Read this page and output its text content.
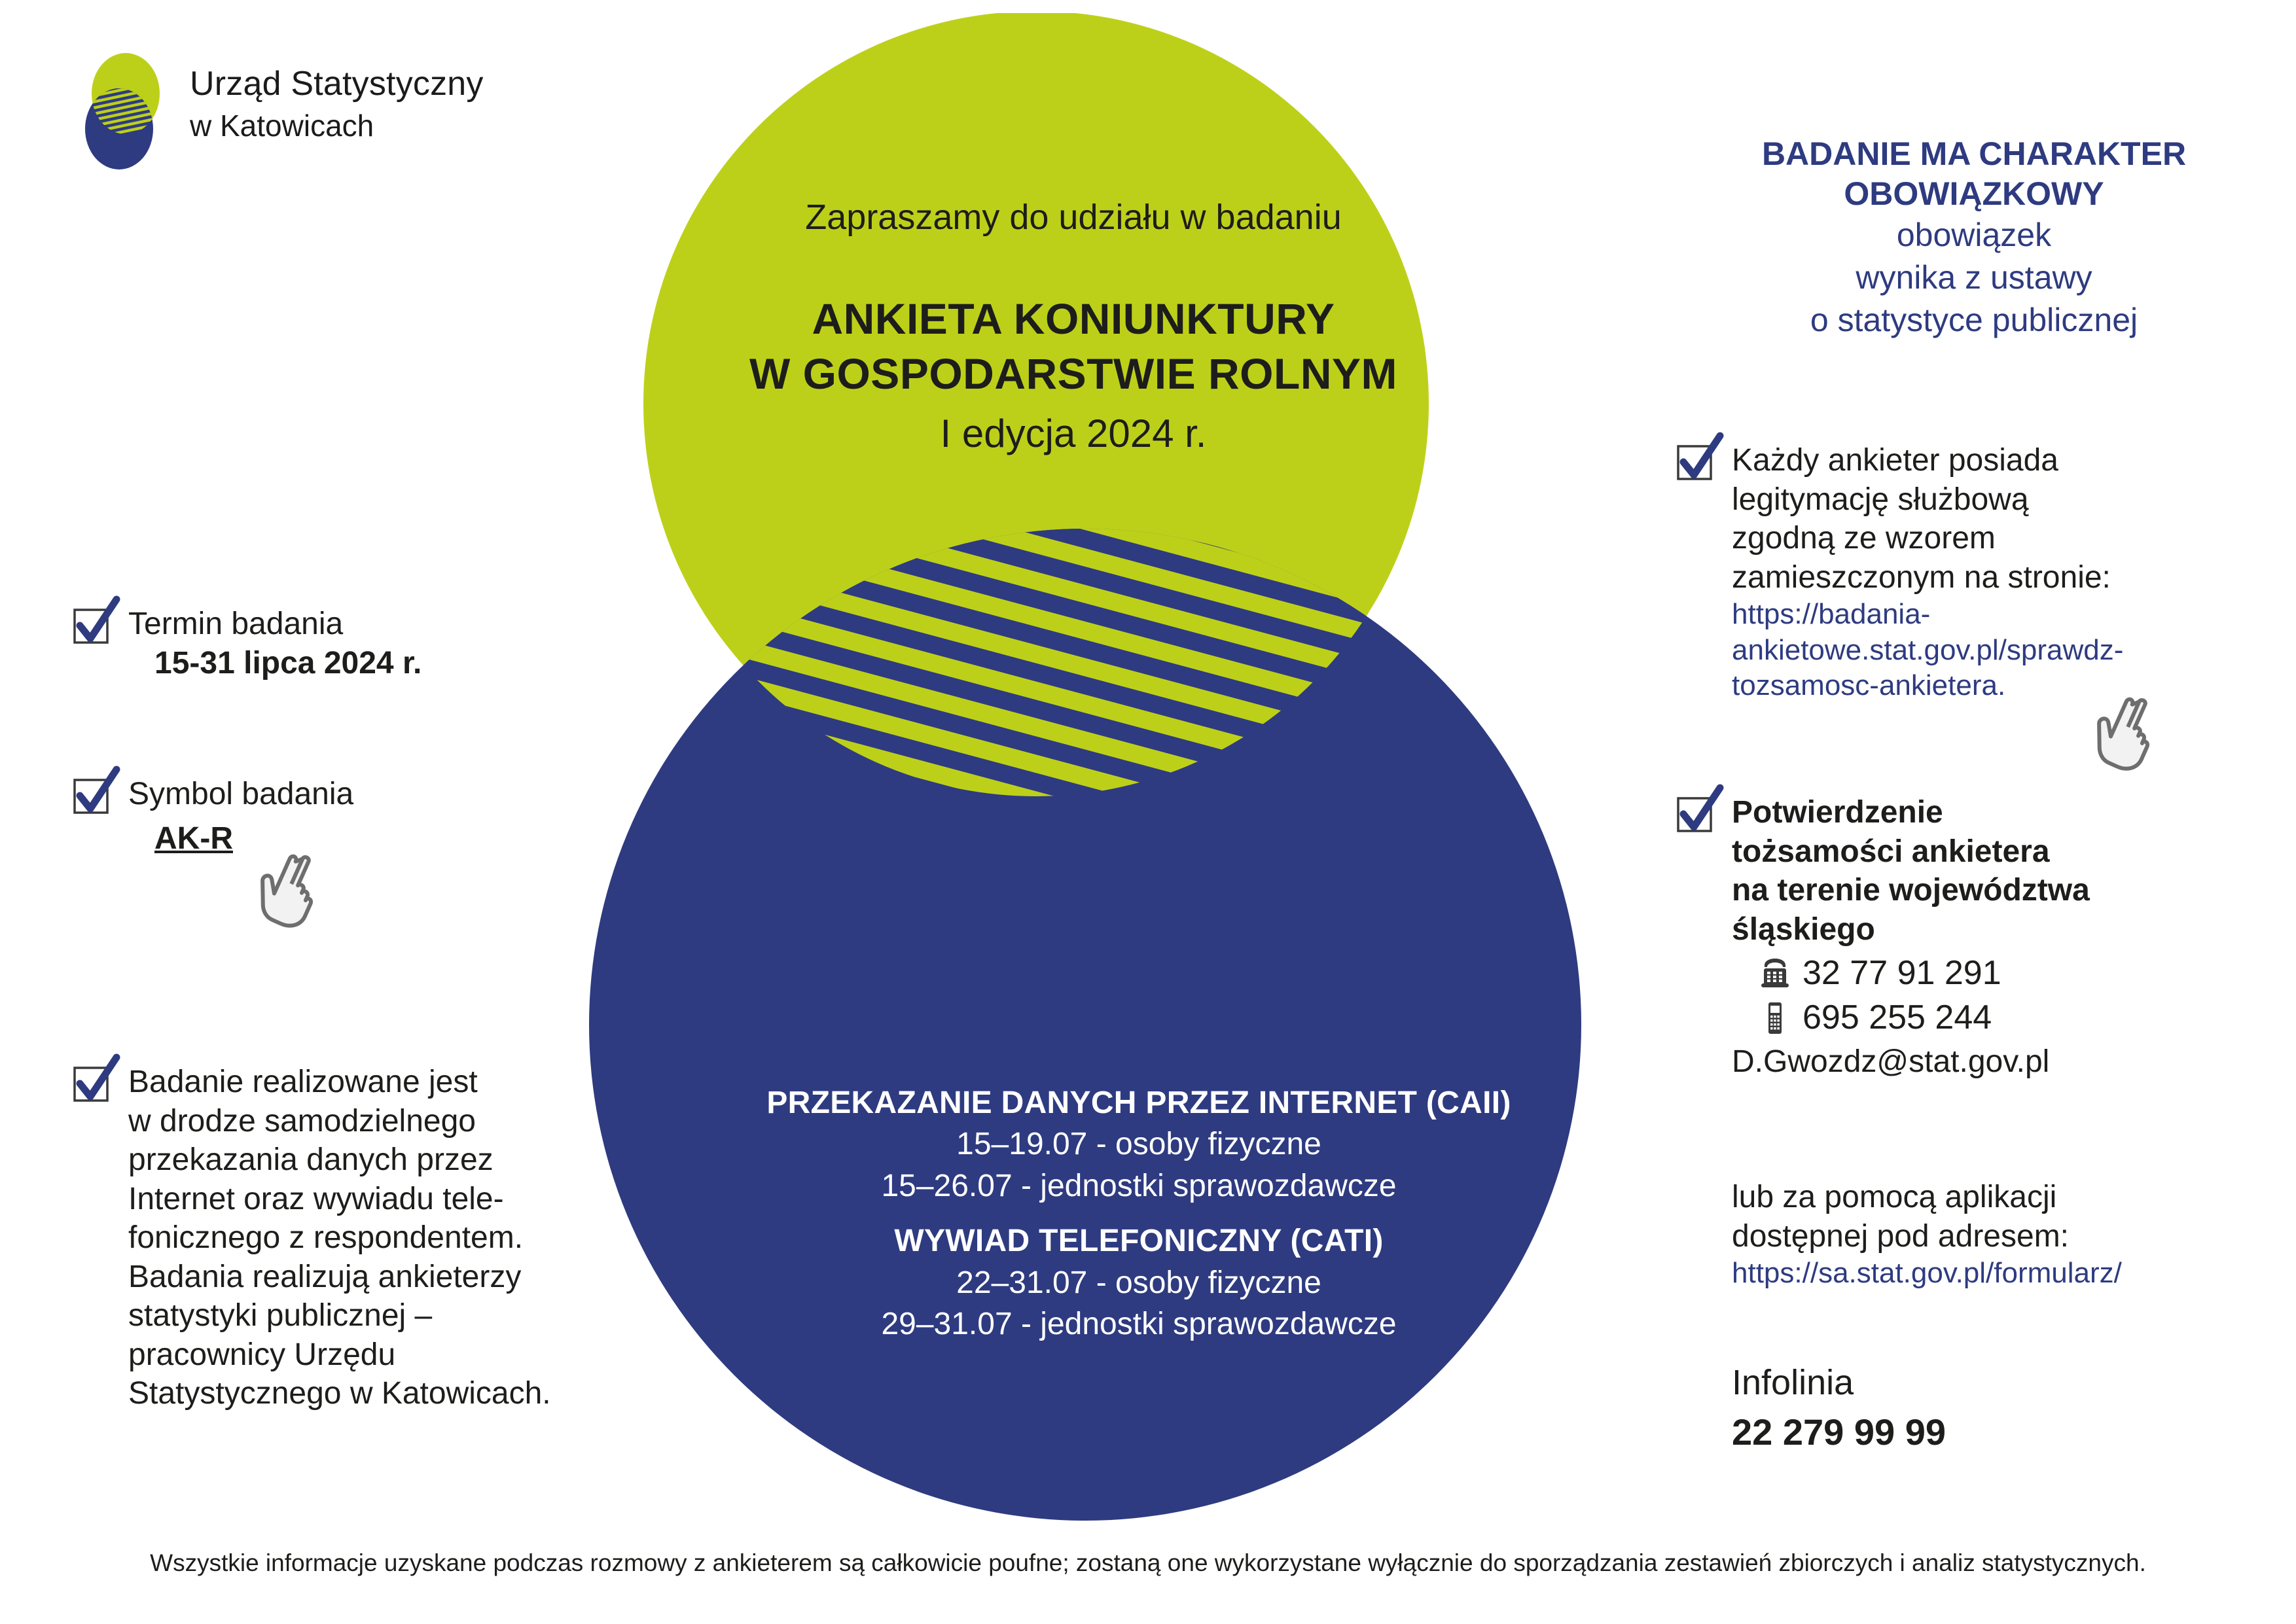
Urząd Statystyczny
w Katowicach
Zapraszamy do udziału w badaniu
ANKIETA KONIUNKTURY
W GOSPODARSTWIE ROLNYM
I edycja 2024 r.
PRZEKAZANIE DANYCH PRZEZ INTERNET (CAII)
15–19.07 - osoby fizyczne
15–26.07 - jednostki sprawozdawcze
WYWIAD TELEFONICZNY (CATI)
22–31.07 - osoby fizyczne
29–31.07 - jednostki sprawozdawcze
Termin badania
15-31 lipca 2024 r.
Symbol badania
AK-R
Badanie realizowane jest
w drodze samodzielnego
przekazania danych przez
Internet oraz wywiadu tele-
fonicznego z respondentem.
Badania realizują ankieterzy
statystyki publicznej –
pracownicy Urzędu
Statystycznego w Katowicach.
BADANIE MA CHARAKTER
OBOWIĄZKOWY
obowiązek
wynika z ustawy
o statystyce publicznej
Każdy ankieter posiada
legitymację służbową
zgodną ze wzorem
zamieszczonym na stronie:
https://badania-
ankietowe.stat.gov.pl/sprawdz-
tozsamosc-ankietera.
Potwierdzenie
tożsamości ankietera
na terenie województwa
śląskiego
32 77 91 291
695 255 244
D.Gwozdz@stat.gov.pl
lub za pomocą aplikacji
dostępnej pod adresem:
https://sa.stat.gov.pl/formularz/
Infolinia
22 279 99 99
Wszystkie informacje uzyskane podczas rozmowy z ankieterem są całkowicie poufne; zostaną one wykorzystane wyłącznie do sporządzania zestawień zbiorczych i analiz statystycznych.
